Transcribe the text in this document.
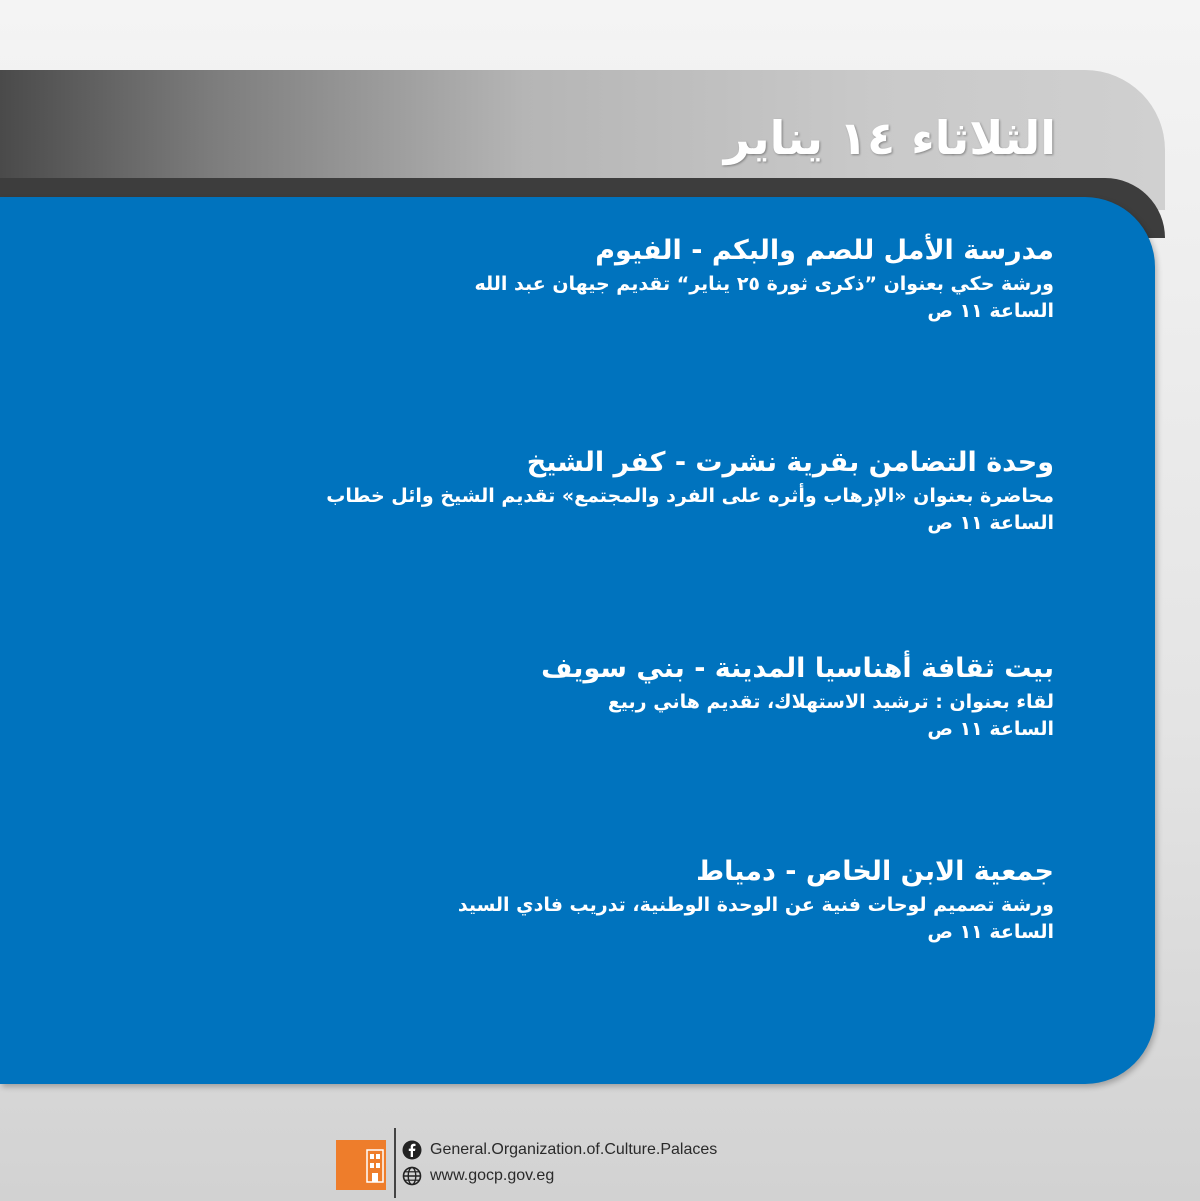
الثلاثاء ١٤ يناير

مدرسة الأمل للصم والبكم - الفيوم

ورشة حكي بعنوان ”ذكرى ثورة ٢٥ يناير“ تقديم جيهان عبد الله

الساعة ١١ ص

وحدة التضامن بقرية نشرت - كفر الشيخ

محاضرة بعنوان «الإرهاب وأثره على الفرد والمجتمع» تقديم الشيخ وائل خطاب

الساعة ١١ ص

بيت ثقافة أهناسيا المدينة - بني سويف

لقاء بعنوان : ترشيد الاستهلاك، تقديم هاني ربيع

الساعة ١١ ص

جمعية الابن الخاص - دمياط

ورشة تصميم لوحات فنية عن الوحدة الوطنية، تدريب فادي السيد

الساعة ١١ ص

General.Organization.of.Culture.Palaces
www.gocp.gov.eg
